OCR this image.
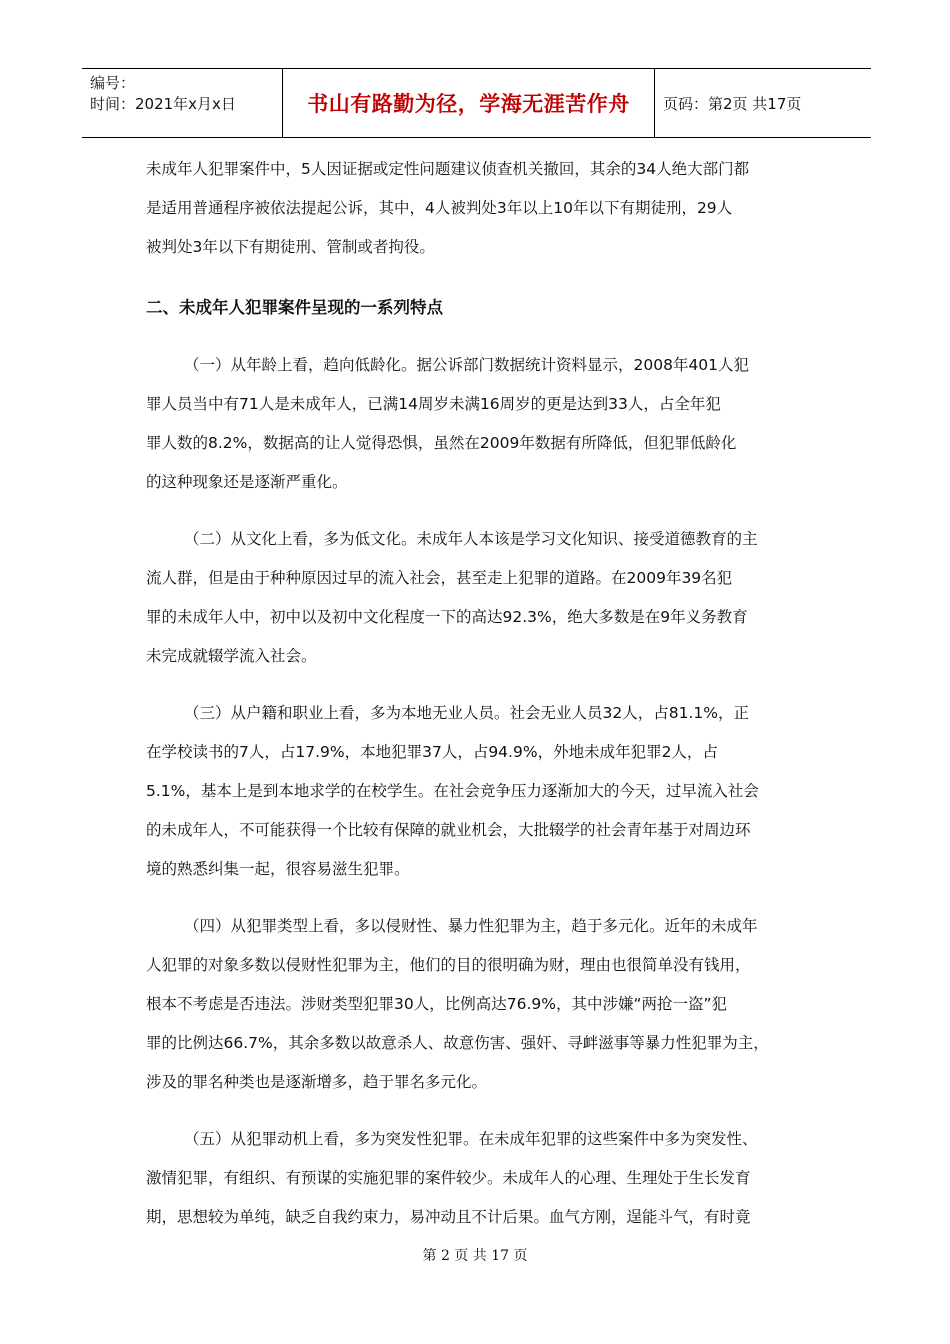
编号：
时间：2021年x月x日	书山有路勤为径，学海无涯苦作舟	页码：第2页 共17页
未成年人犯罪案件中，5人因证据或定性问题建议侦查机关撤回，其余的34人绝大部门都
是适用普通程序被依法提起公诉，其中，4人被判处3年以上10年以下有期徒刑，29人
被判处3年以下有期徒刑、管制或者拘役。
二、未成年人犯罪案件呈现的一系列特点
（一）从年龄上看，趋向低龄化。据公诉部门数据统计资料显示，2008年401人犯
罪人员当中有71人是未成年人，已满14周岁未满16周岁的更是达到33人，占全年犯
罪人数的8.2%，数据高的让人觉得恐惧，虽然在2009年数据有所降低，但犯罪低龄化
的这种现象还是逐渐严重化。
（二）从文化上看，多为低文化。未成年人本该是学习文化知识、接受道德教育的主
流人群，但是由于种种原因过早的流入社会，甚至走上犯罪的道路。在2009年39名犯
罪的未成年人中，初中以及初中文化程度一下的高达92.3%，绝大多数是在9年义务教育
未完成就辍学流入社会。
（三）从户籍和职业上看，多为本地无业人员。社会无业人员32人，占81.1%，正
在学校读书的7人，占17.9%，本地犯罪37人，占94.9%，外地未成年犯罪2人，占
5.1%，基本上是到本地求学的在校学生。在社会竞争压力逐渐加大的今天，过早流入社会
的未成年人，不可能获得一个比较有保障的就业机会，大批辍学的社会青年基于对周边环
境的熟悉纠集一起，很容易滋生犯罪。
（四）从犯罪类型上看，多以侵财性、暴力性犯罪为主，趋于多元化。近年的未成年
人犯罪的对象多数以侵财性犯罪为主，他们的目的很明确为财，理由也很简单没有钱用，
根本不考虑是否违法。涉财类型犯罪30人，比例高达76.9%，其中涉嫌“两抢一盗”犯
罪的比例达66.7%，其余多数以故意杀人、故意伤害、强奸、寻衅滋事等暴力性犯罪为主，
涉及的罪名种类也是逐渐增多，趋于罪名多元化。
（五）从犯罪动机上看，多为突发性犯罪。在未成年犯罪的这些案件中多为突发性、
激情犯罪，有组织、有预谋的实施犯罪的案件较少。未成年人的心理、生理处于生长发育
期，思想较为单纯，缺乏自我约束力，易冲动且不计后果。血气方刚，逞能斗气，有时竟
第 2 页 共 17 页
